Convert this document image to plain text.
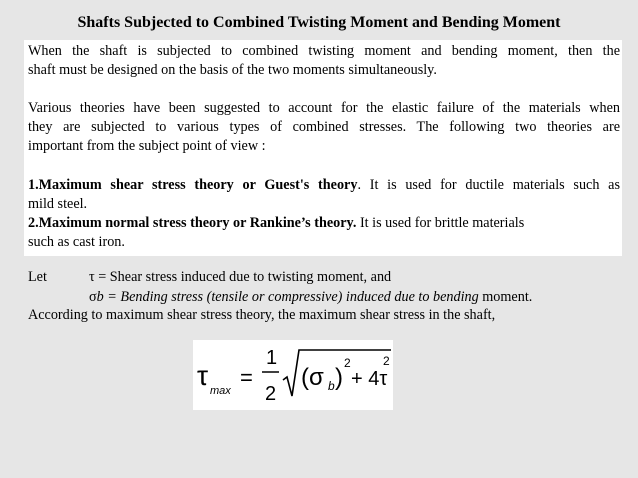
Shafts Subjected to Combined Twisting Moment and Bending Moment
When the shaft is subjected to combined twisting moment and bending moment, then the
shaft must be designed on the basis of the two moments simultaneously.
Various theories have been suggested to account for the elastic failure of the materials when
they are subjected to various types of combined stresses. The following two theories are
important from the subject point of view :
1.Maximum shear stress theory or Guest's theory. It is used for ductile materials such as
mild steel.
2.Maximum normal stress theory or Rankine’s theory. It is used for brittle materials
such as cast iron.
Let	τ = Shear stress induced due to twisting moment, and
σb = Bending stress (tensile or compressive) induced due to bending moment.
According to maximum shear stress theory, the maximum shear stress in the shaft,
τ max
=
1
2
(σ b )
2
+ 4τ
2
